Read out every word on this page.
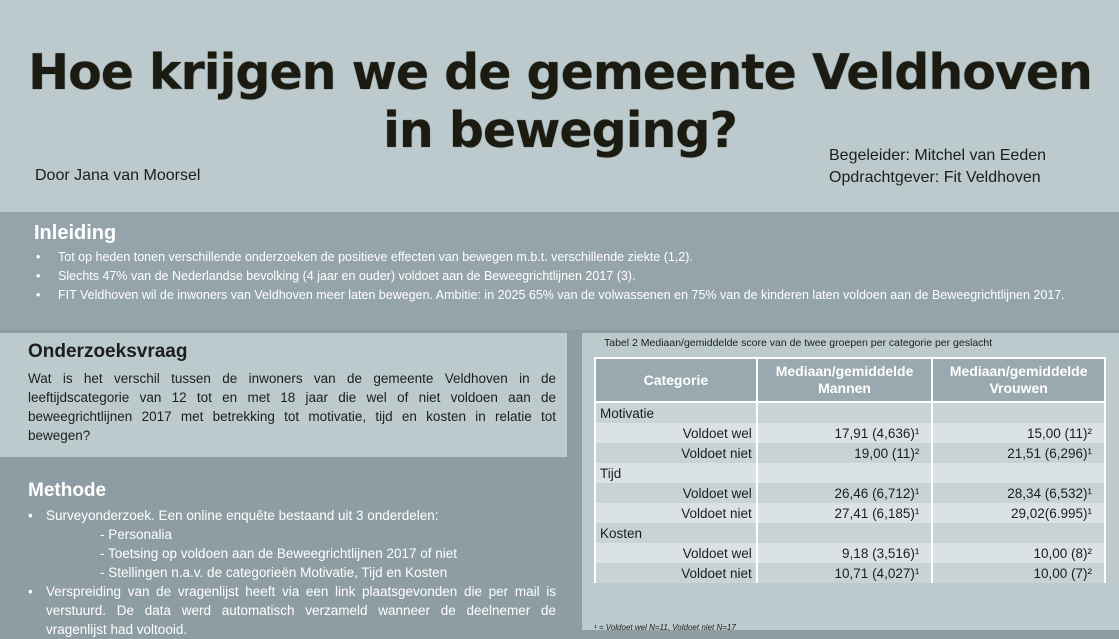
Hoe krijgen we de gemeente Veldhoven in beweging?
Door Jana van Moorsel
Begeleider: Mitchel van Eeden
Opdrachtgever: Fit Veldhoven
Inleiding
• Tot op heden tonen verschillende onderzoeken de positieve effecten van bewegen m.b.t. verschillende ziekte (1,2).
• Slechts 47% van de Nederlandse bevolking (4 jaar en ouder) voldoet aan de Beweegrichtlijnen 2017 (3).
• FIT Veldhoven wil de inwoners van Veldhoven meer laten bewegen. Ambitie: in 2025 65% van de volwassenen en 75% van de kinderen laten voldoen aan de Beweegrichtlijnen 2017.
Onderzoeksvraag

Wat is het verschil tussen de inwoners van de gemeente Veldhoven in de leeftijdscategorie van 12 tot en met 18 jaar die wel of niet voldoen aan de beweegrichtlijnen 2017 met betrekking tot motivatie, tijd en kosten in relatie tot bewegen?

Methode
• Surveyonderzoek. Een online enquête bestaand uit 3 onderdelen:
- Personalia
- Toetsing op voldoen aan de Beweegrichtlijnen 2017 of niet
- Stellingen n.a.v. de categorieën Motivatie, Tijd en Kosten
• Verspreiding van de vragenlijst heeft via een link plaatsgevonden die per mail is verstuurd. De data werd automatisch verzameld wanneer de deelnemer de vragenlijst had voltooid.
Tabel 2 Mediaan/gemiddelde score van de twee groepen per categorie per geslacht
Categorie	Mediaan/gemiddelde Mannen	Mediaan/gemiddelde Vrouwen
Motivatie		
Voldoet wel	17,91 (4,636)¹	15,00 (11)²
Voldoet niet	19,00 (11)²	21,51 (6,296)¹
Tijd		
Voldoet wel	26,46 (6,712)¹	28,34 (6,532)¹
Voldoet niet	27,41 (6,185)¹	29,02(6.995)¹
Kosten		
Voldoet wel	9,18 (3,516)¹	10,00 (8)²
Voldoet niet	10,71 (4,027)¹	10,00 (7)²
¹ = Voldoet wel N=11, Voldoet niet N=17
